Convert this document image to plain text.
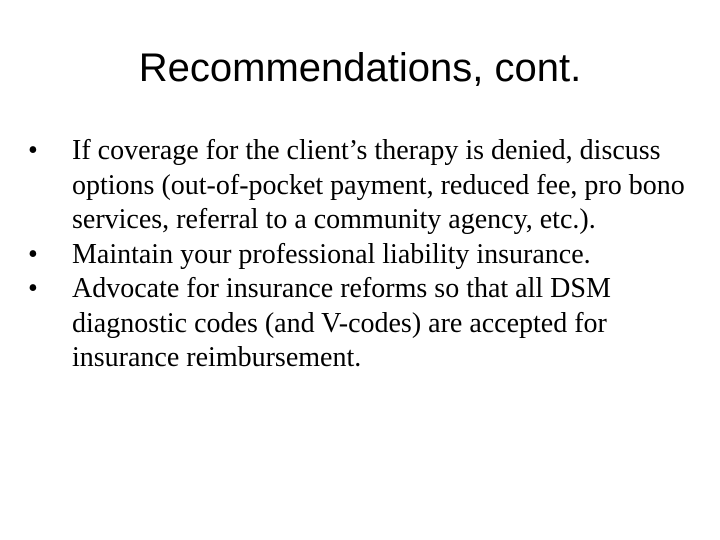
Recommendations, cont.
•	If coverage for the client’s therapy is denied, discuss options (out-of-pocket payment, reduced fee, pro bono services, referral to a community agency, etc.).
•	Maintain your professional liability insurance.
•	Advocate for insurance reforms so that all DSM diagnostic codes (and V-codes) are accepted for insurance reimbursement.
